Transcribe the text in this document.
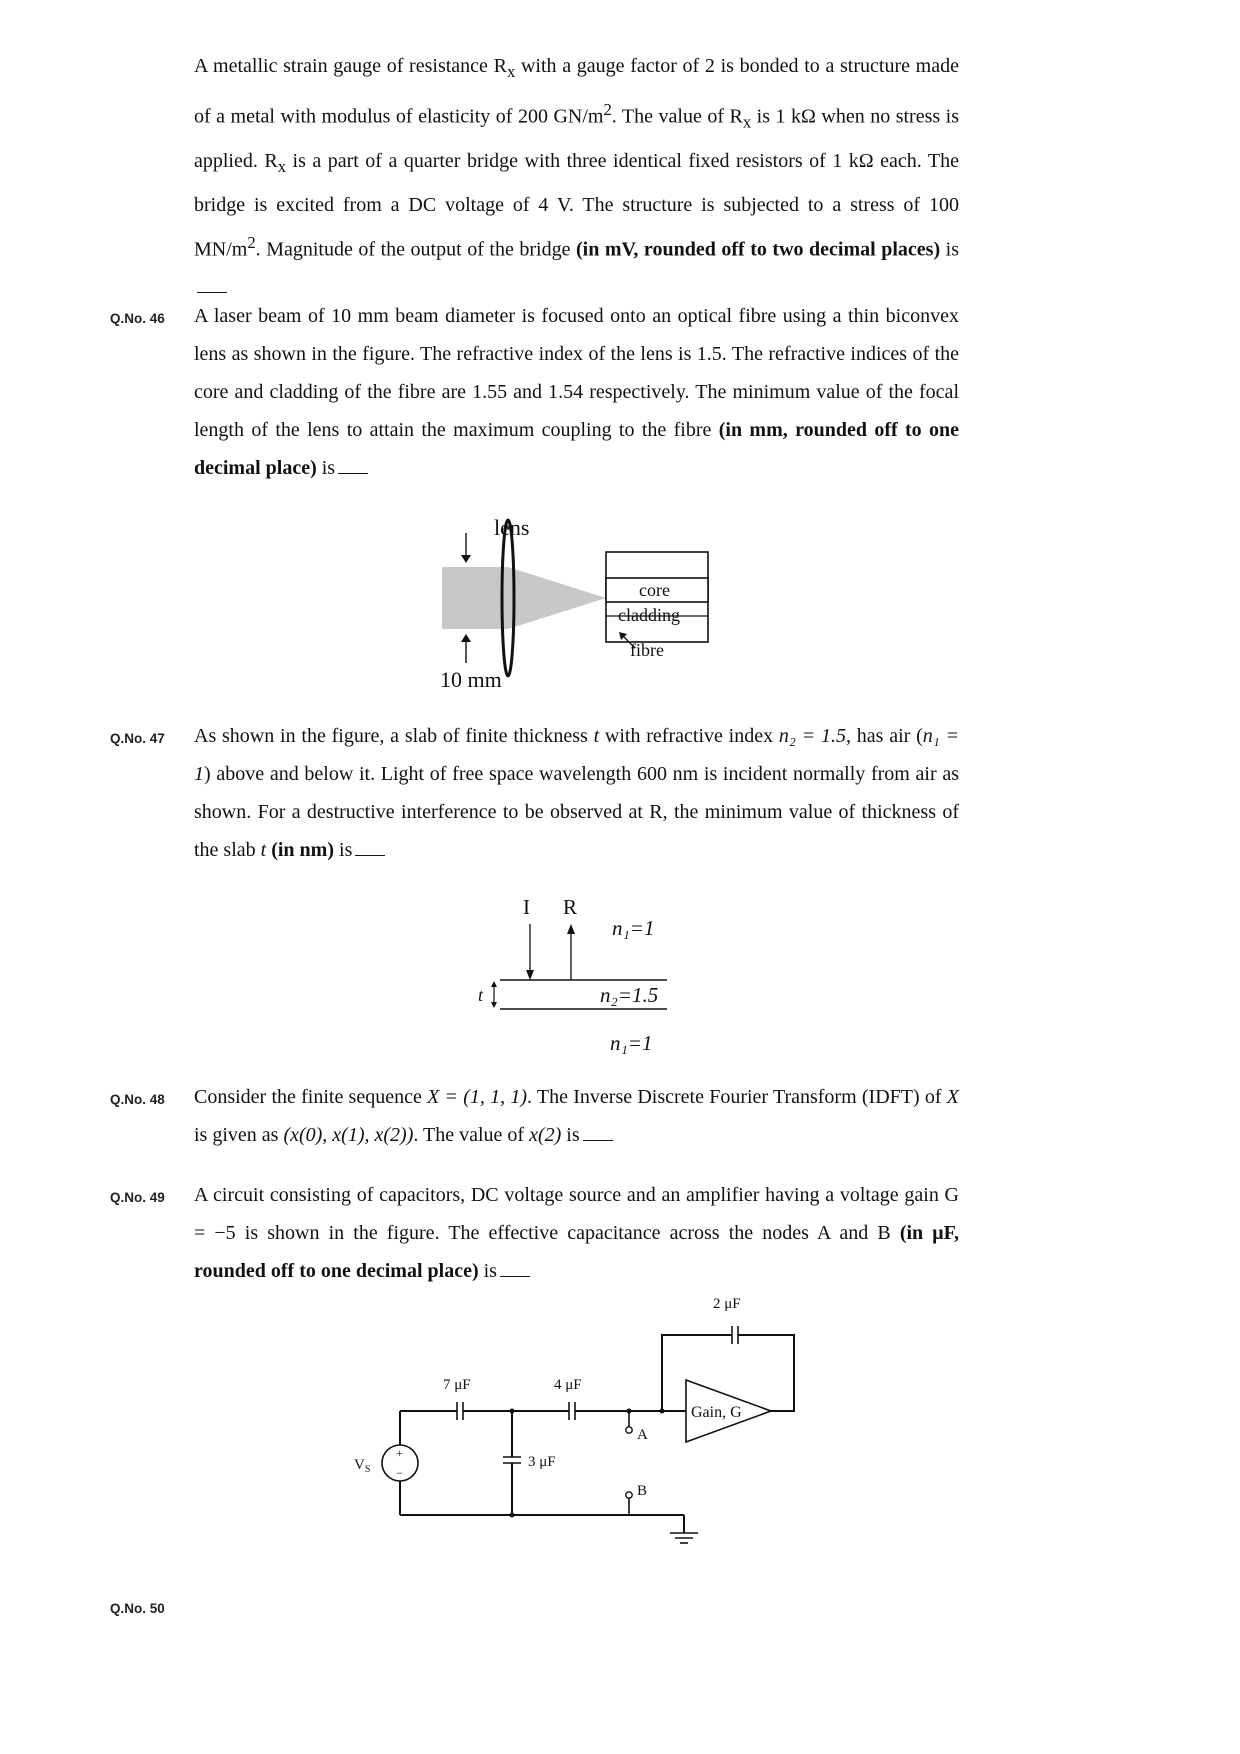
A metallic strain gauge of resistance $R_x$ with a gauge factor of 2 is bonded to a structure made of a metal with modulus of elasticity of 200 $GN/m^2$. The value of $R_x$ is 1 kΩ when no stress is applied. $R_x$ is a part of a quarter bridge with three identical fixed resistors of 1 kΩ each. The bridge is excited from a DC voltage of 4 V. The structure is subjected to a stress of 100 $MN/m^2$. Magnitude of the output of the bridge (in mV, rounded off to two decimal places) is
Q.No. 46 A laser beam of 10 mm beam diameter is focused onto an optical fibre using a thin biconvex lens as shown in the figure. The refractive index of the lens is 1.5. The refractive indices of the core and cladding of the fibre are 1.55 and 1.54 respectively. The minimum value of the focal length of the lens to attain the maximum coupling to the fibre (in mm, rounded off to one decimal place) is
lens
10 mm
core
cladding
fibre
Q.No. 47 As shown in the figure, a slab of finite thickness t with refractive index n₂ = 1.5, has air (n₁ = 1) above and below it. Light of free space wavelength 600 nm is incident normally from air as shown. For a destructive interference to be observed at R, the minimum value of thickness of the slab t (in nm) is
I R
n₁=1
n₂=1.5
t
n₁=1
Q.No. 48 Consider the finite sequence X = (1, 1, 1). The Inverse Discrete Fourier Transform (IDFT) of X is given as (x(0), x(1), x(2)). The value of x(2) is
Q.No. 49 A circuit consisting of capacitors, DC voltage source and an amplifier having a voltage gain G = −5 is shown in the figure. The effective capacitance across the nodes A and B (in μF, rounded off to one decimal place) is
2 μF
Gain, G
7 μF	4 μF
A
+
−
$V_S$	3 μF
B
Q.No. 50
